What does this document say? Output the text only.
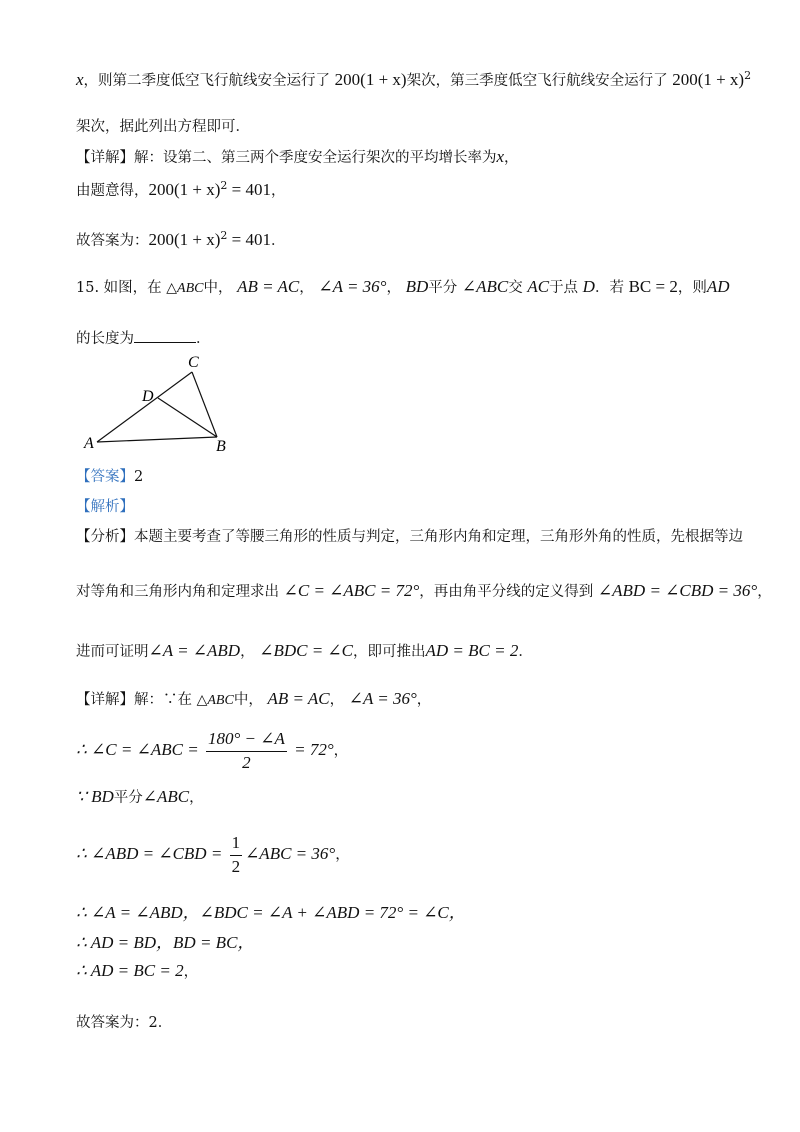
x，则第二季度低空飞行航线安全运行了 200(1 + x)架次，第三季度低空飞行航线安全运行了 $200(1 + x)^2$
架次，据此列出方程即可．
【详解】解：设第二、第三两个季度安全运行架次的平均增长率为x，
由题意得，$200(1 + x)^2 = 401$，
故答案为：$200(1 + x)^2 = 401$．
15. 如图，在 △ABC中， AB = AC， ∠A = 36°， BD平分 ∠ABC交 AC于点 D．若 BC = 2，则AD
的长度为	．
A	B
C
D
【答案】2
【解析】
【分析】本题主要考查了等腰三角形的性质与判定，三角形内角和定理，三角形外角的性质，先根据等边
对等角和三角形内角和定理求出 ∠C = ∠ABC = 72°，再由角平分线的定义得到 ∠ABD = ∠CBD = 36°，
进而可证明∠A = ∠ABD， ∠BDC = ∠C，即可推出AD = BC = 2．
【详解】解：∵在 △ABC中， AB = AC， ∠A = 36°，
∴ ∠C = ∠ABC = $\frac{180^\circ - \angle A}{2} = 72^\circ$，
∵ BD平分∠ABC，
∴ ∠ABD = ∠CBD = $\frac{1}{2}$ ∠ABC = 36°，
∴ ∠A = ∠ABD，∠BDC = ∠A + ∠ABD = 72° = ∠C，
∴ AD = BD，BD = BC，
∴ AD = BC = 2，
故答案为：2．
